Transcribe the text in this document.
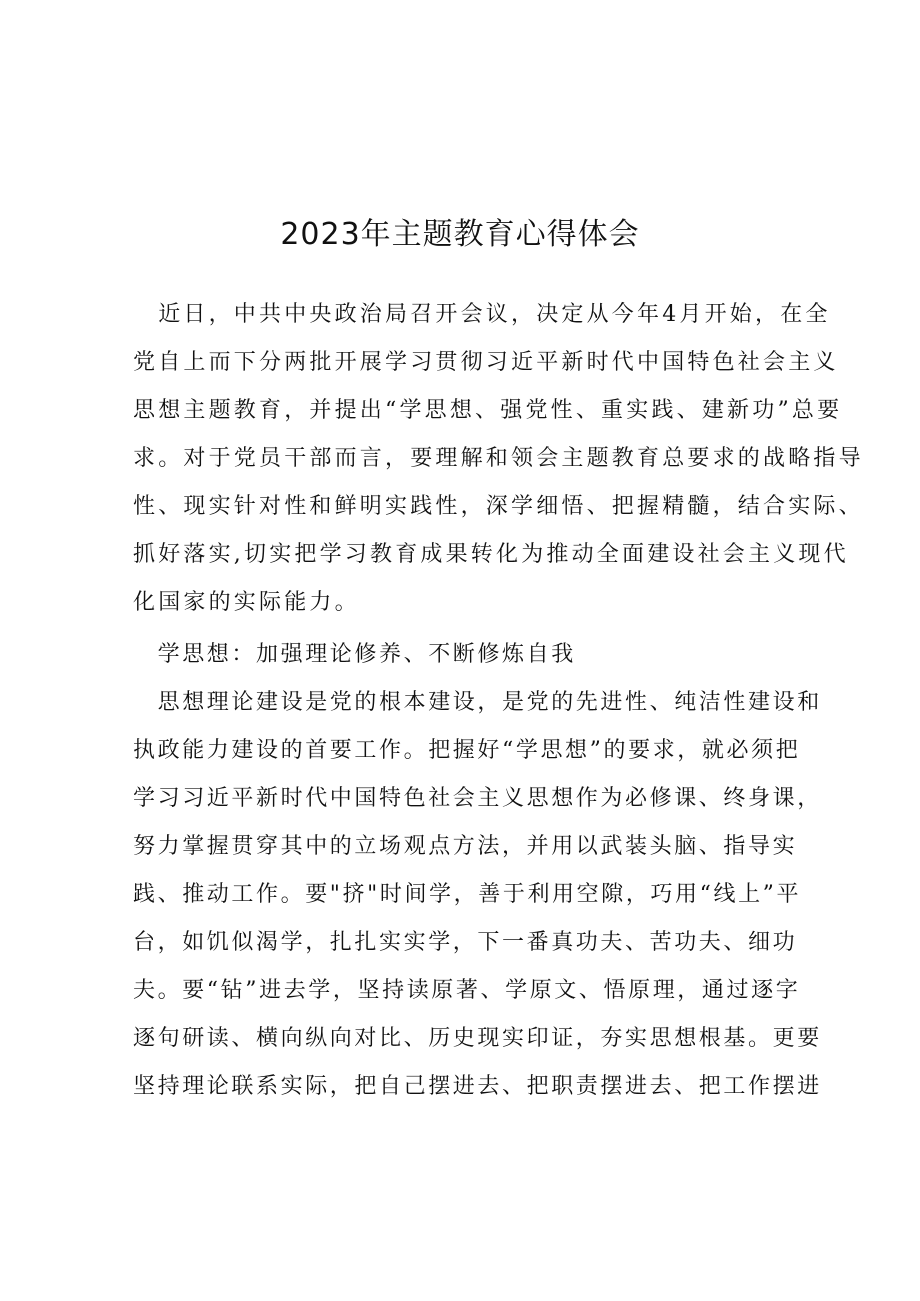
2023年主题教育心得体会

　近日，中共中央政治局召开会议，决定从今年4月开始，在全

党自上而下分两批开展学习贯彻习近平新时代中国特色社会主义

思想主题教育，并提出“学思想、强党性、重实践、建新功”总要

求。对于党员干部而言，要理解和领会主题教育总要求的战略指导

性、现实针对性和鲜明实践性，深学细悟、把握精髓，结合实际、

抓好落实,切实把学习教育成果转化为推动全面建设社会主义现代

化国家的实际能力。

　学思想：加强理论修养、不断修炼自我

　思想理论建设是党的根本建设，是党的先进性、纯洁性建设和

执政能力建设的首要工作。把握好“学思想”的要求，就必须把

学习习近平新时代中国特色社会主义思想作为必修课、终身课，

努力掌握贯穿其中的立场观点方法，并用以武装头脑、指导实

践、推动工作。要"挤"时间学，善于利用空隙，巧用“线上”平

台，如饥似渴学，扎扎实实学，下一番真功夫、苦功夫、细功

夫。要“钻”进去学，坚持读原著、学原文、悟原理，通过逐字

逐句研读、横向纵向对比、历史现实印证，夯实思想根基。更要

坚持理论联系实际，把自己摆进去、把职责摆进去、把工作摆进
